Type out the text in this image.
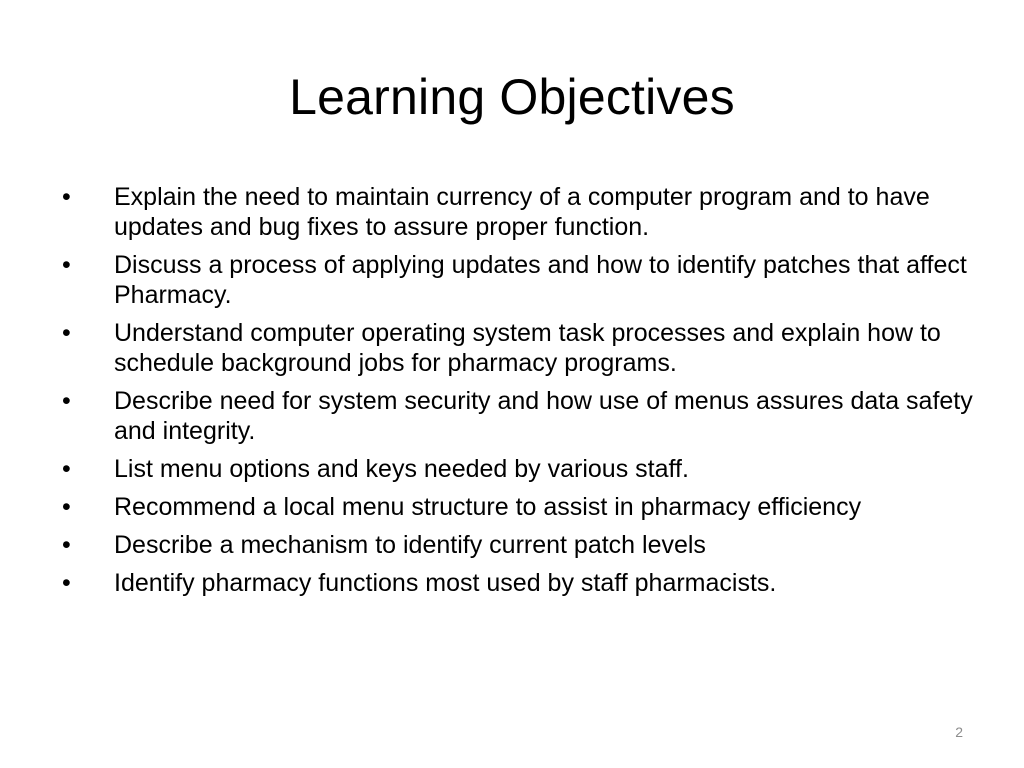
Learning Objectives
•	Explain the need to maintain currency of a computer program and to have updates and bug fixes to assure proper function.
•	Discuss a process of applying updates and how to identify patches that affect Pharmacy.
•	Understand computer operating system task processes and explain how to schedule background jobs for pharmacy programs.
•	Describe need for system security and how use of menus assures data safety and integrity.
•	List menu options and keys needed by various staff.
•	Recommend a local menu structure to assist in pharmacy efficiency
•	Describe a mechanism to identify current patch levels
•	Identify pharmacy functions most used by staff pharmacists.
2
